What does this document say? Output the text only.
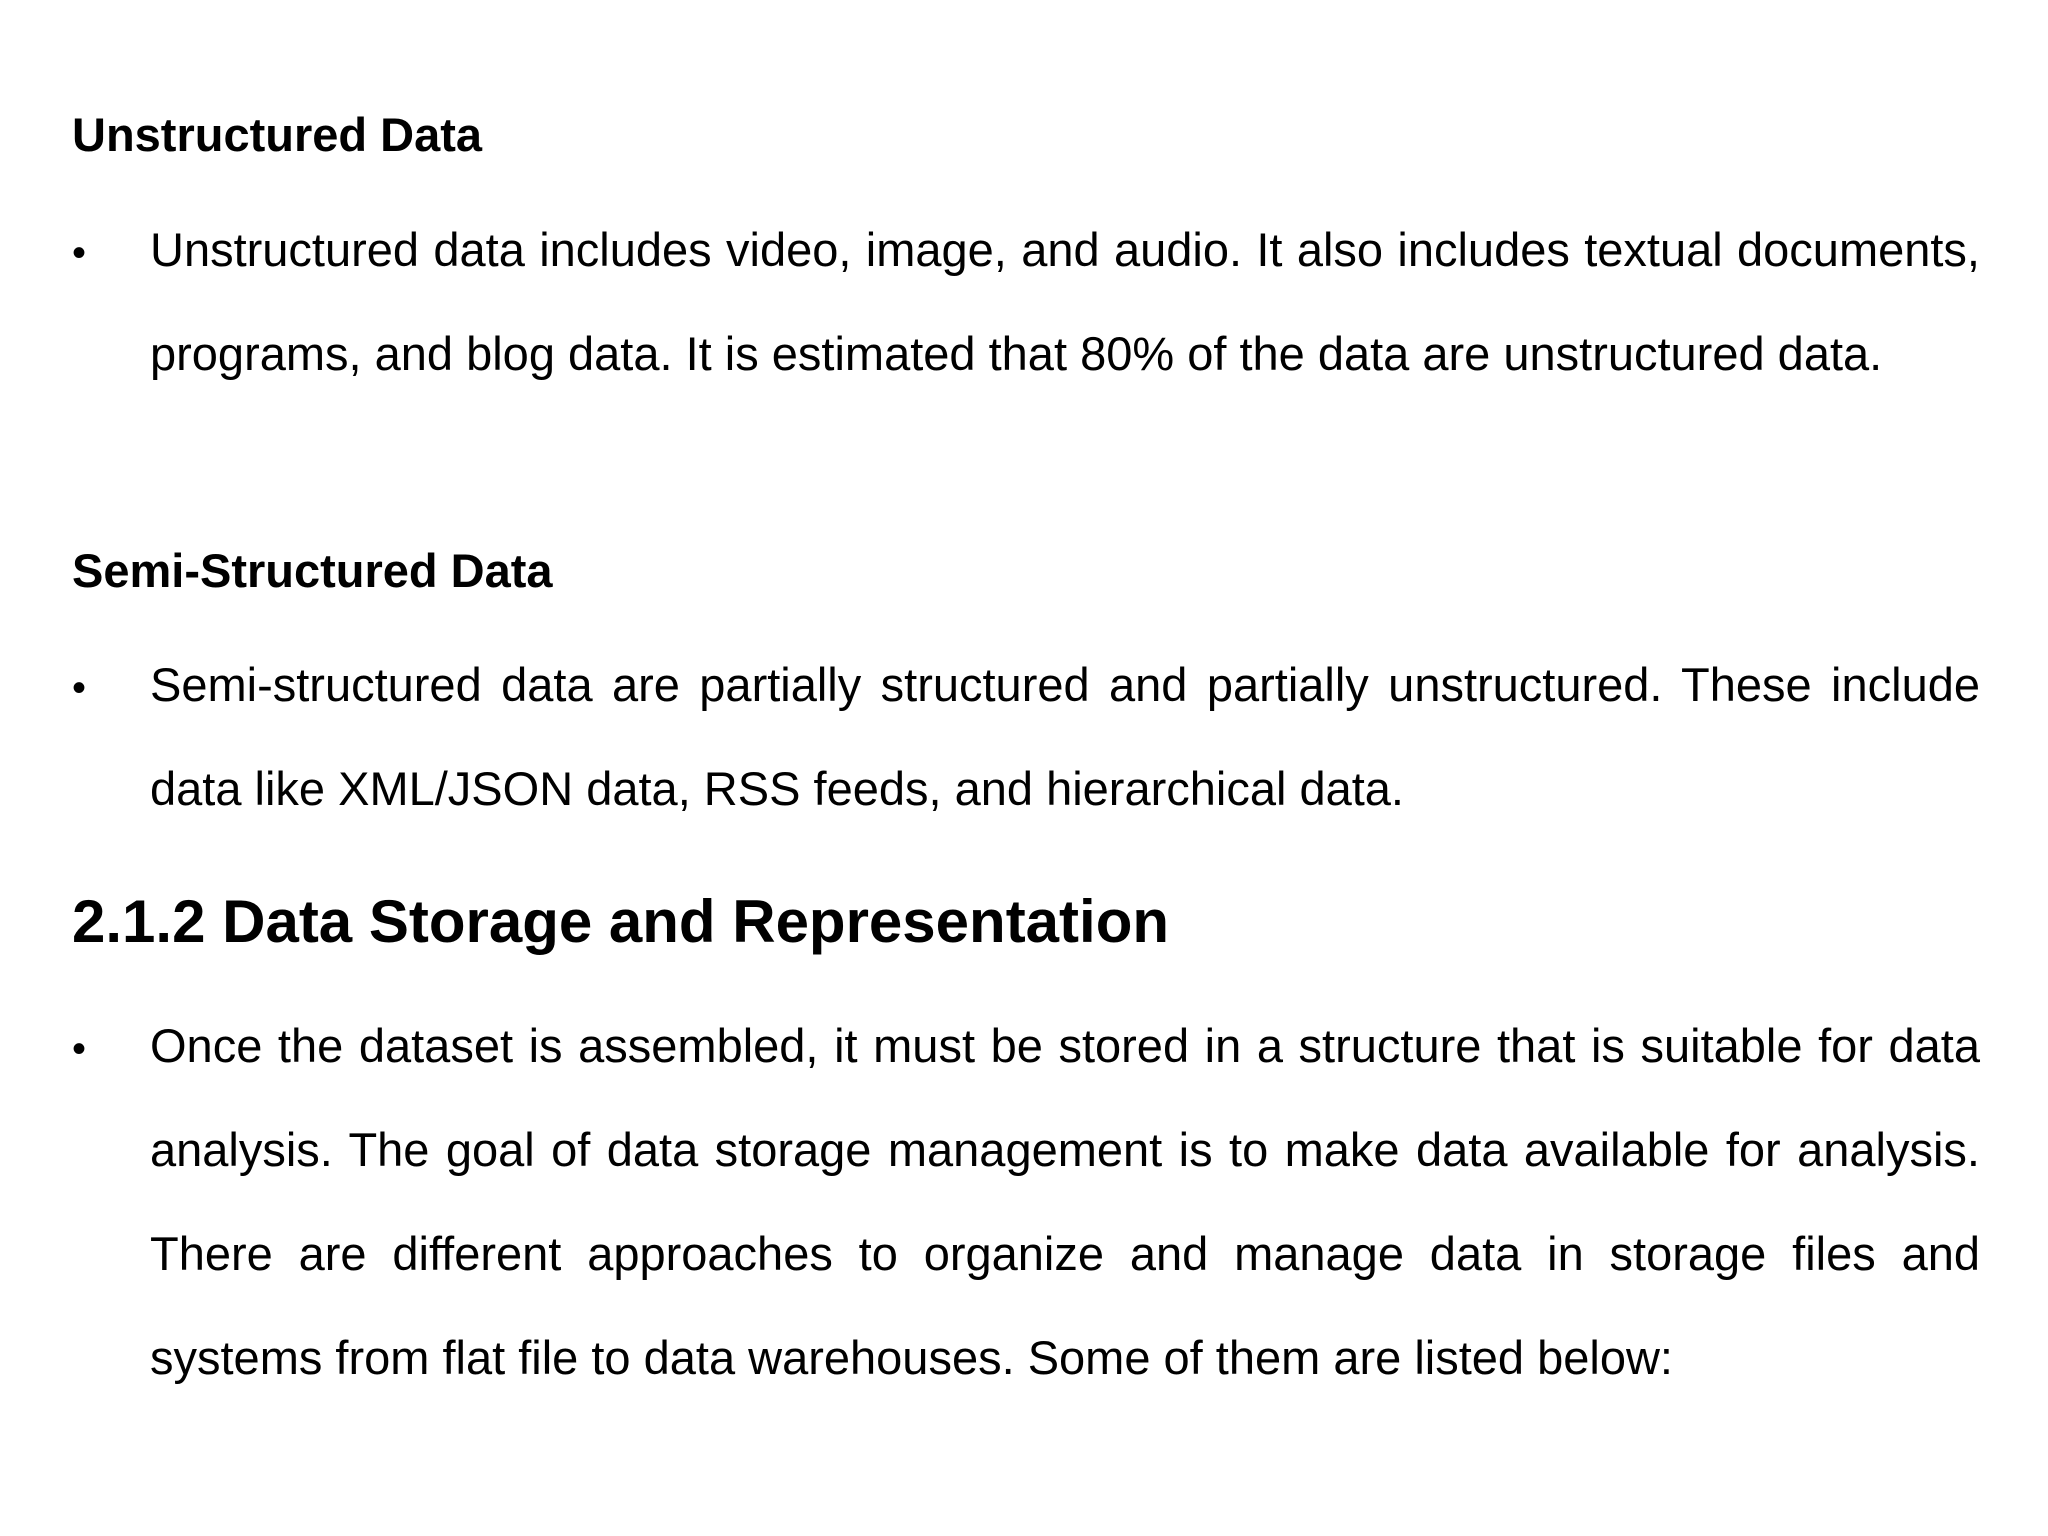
Unstructured Data
• Unstructured data includes video, image, and audio. It also includes textual documents, programs, and blog data. It is estimated that 80% of the data are unstructured data.
Semi-Structured Data
• Semi-structured data are partially structured and partially unstructured. These include data like XML/JSON data, RSS feeds, and hierarchical data.
2.1.2 Data Storage and Representation
• Once the dataset is assembled, it must be stored in a structure that is suitable for data analysis. The goal of data storage management is to make data available for analysis. There are different approaches to organize and manage data in storage files and systems from flat file to data warehouses. Some of them are listed below:
